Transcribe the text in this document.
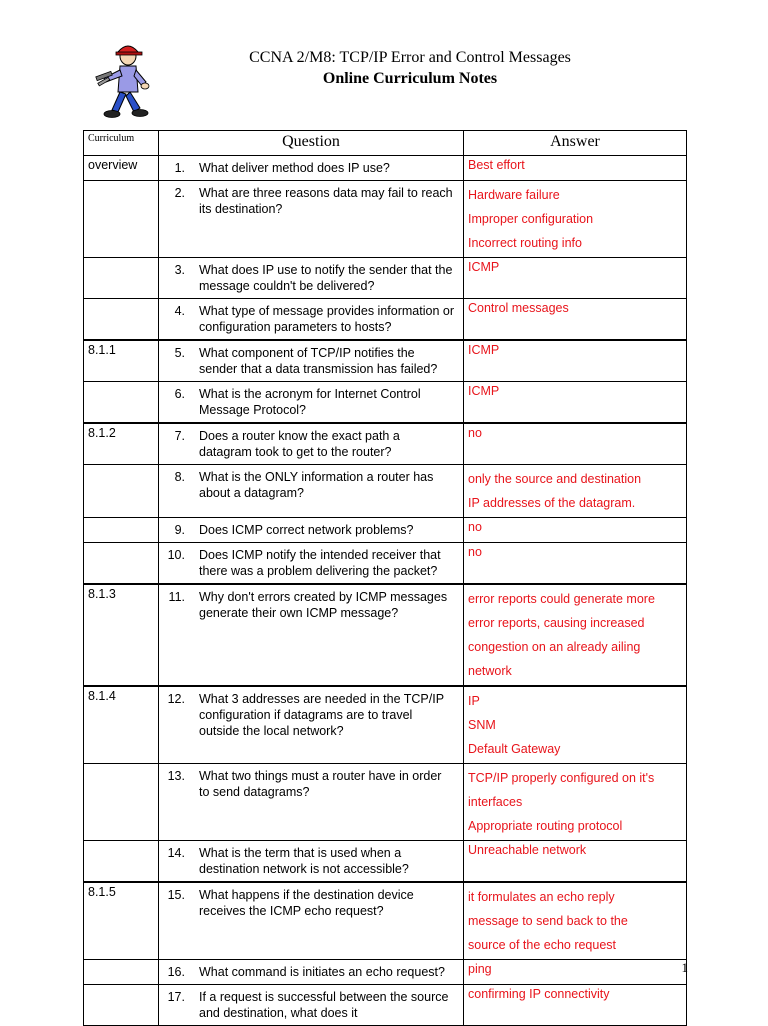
CCNA 2/M8: TCP/IP Error and Control Messages
Online Curriculum Notes
Curriculum	Question	Answer
overview	1. What deliver method does IP use?	Best effort

	2. What are three reasons data may fail to reach its destination?	Hardware failure
Improper configuration
Incorrect routing info

	3. What does IP use to notify the sender that the message couldn't be delivered?	ICMP

	4. What type of message provides information or configuration parameters to hosts?	Control messages

8.1.1	5. What component of TCP/IP notifies the sender that a data transmission has failed?	ICMP

	6. What is the acronym for Internet Control Message Protocol?	ICMP

8.1.2	7. Does a router know the exact path a datagram took to get to the router?	no

	8. What is the ONLY information a router has about a datagram?	only the source and destination
IP addresses of the datagram.

	9. Does ICMP correct network problems?	no

	10. Does ICMP notify the intended receiver that there was a problem delivering the packet?	no

8.1.3	11. Why don't errors created by ICMP messages generate their own ICMP message?	error reports could generate more
error reports, causing increased
congestion on an already ailing
network

8.1.4	12. What 3 addresses are needed in the TCP/IP configuration if datagrams are to travel outside the local network?	IP
SNM
Default Gateway

	13. What two things must a router have in order to send datagrams?	TCP/IP properly configured on it's
interfaces
Appropriate routing protocol

	14. What is the term that is used when a destination network is not accessible?	Unreachable network

8.1.5	15. What happens if the destination device receives the ICMP echo request?	it formulates an echo reply
message to send back to the
source of the echo request

	16. What command is initiates an echo request?	ping

	17. If a request is successful between the source and destination, what does it	confirming IP connectivity
1
